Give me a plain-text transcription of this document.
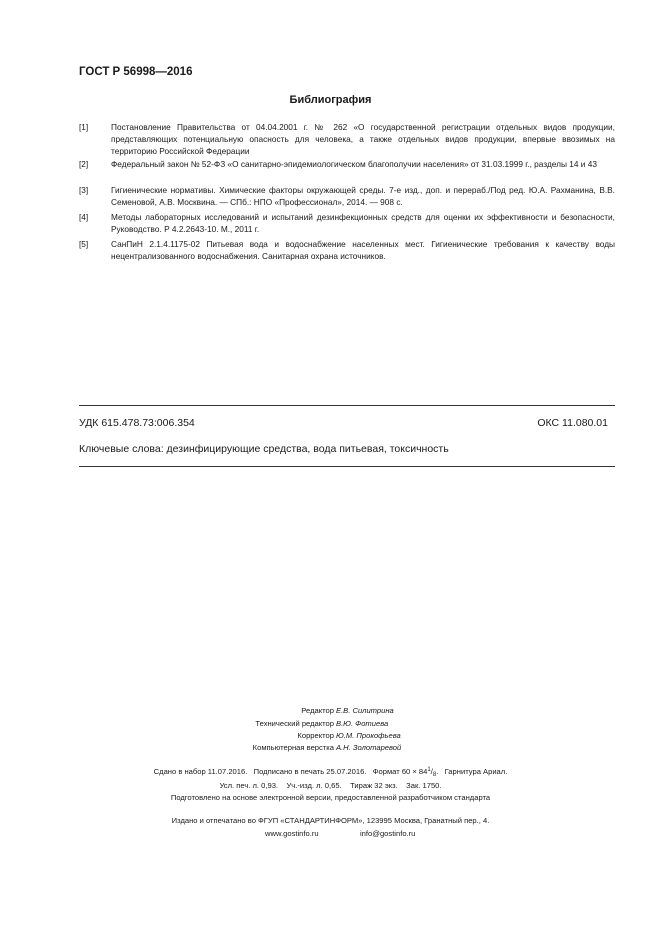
ГОСТ Р 56998—2016
Библиография
[1]	Постановление Правительства от 04.04.2001 г. № 262 «О государственной регистрации отдельных видов продукции, представляющих потенциальную опасность для человека, а также отдельных видов продукции, впервые ввозимых на территорию Российской Федерации
[2]	Федеральный закон № 52-ФЗ «О санитарно-эпидемиологическом благополучии населения» от 31.03.1999 г., разделы 14 и 43
[3]	Гигиенические нормативы. Химические факторы окружающей среды. 7-е изд., доп. и перераб./Под ред. Ю.А. Рахманина, В.В. Семеновой, А.В. Москвина. — СПб.: НПО «Профессионал», 2014. — 908 с.
[4]	Методы лабораторных исследований и испытаний дезинфекционных средств для оценки их эффективности и безопасности, Руководство. Р 4.2.2643-10. М., 2011 г.
[5]	СанПиН 2.1.4.1175-02 Питьевая вода и водоснабжение населенных мест. Гигиенические требования к качеству воды нецентрализованного водоснабжения. Санитарная охрана источников.
УДК 615.478.73:006.354	ОКС 11.080.01
Ключевые слова: дезинфицирующие средства, вода питьевая, токсичность
Редактор Е.В. Силитрина
Технический редактор В.Ю. Фотиева
Корректор Ю.М. Прокофьева
Компьютерная верстка А.Н. Золотаревой
Сдано в набор 11.07.2016.   Подписано в печать 25.07.2016.   Формат $60 \times 84^1/_8$.   Гарнитура Ариал.
Усл. печ. л. 0,93.    Уч.-изд. л. 0,65.    Тираж 32 экз.    Зак. 1750.
Подготовлено на основе электронной версии, предоставленной разработчиком стандарта
Издано и отпечатано во ФГУП «СТАНДАРТИНФОРМ», 123995 Москва, Гранатный пер., 4.
www.gostinfo.ru	info@gostinfo.ru
